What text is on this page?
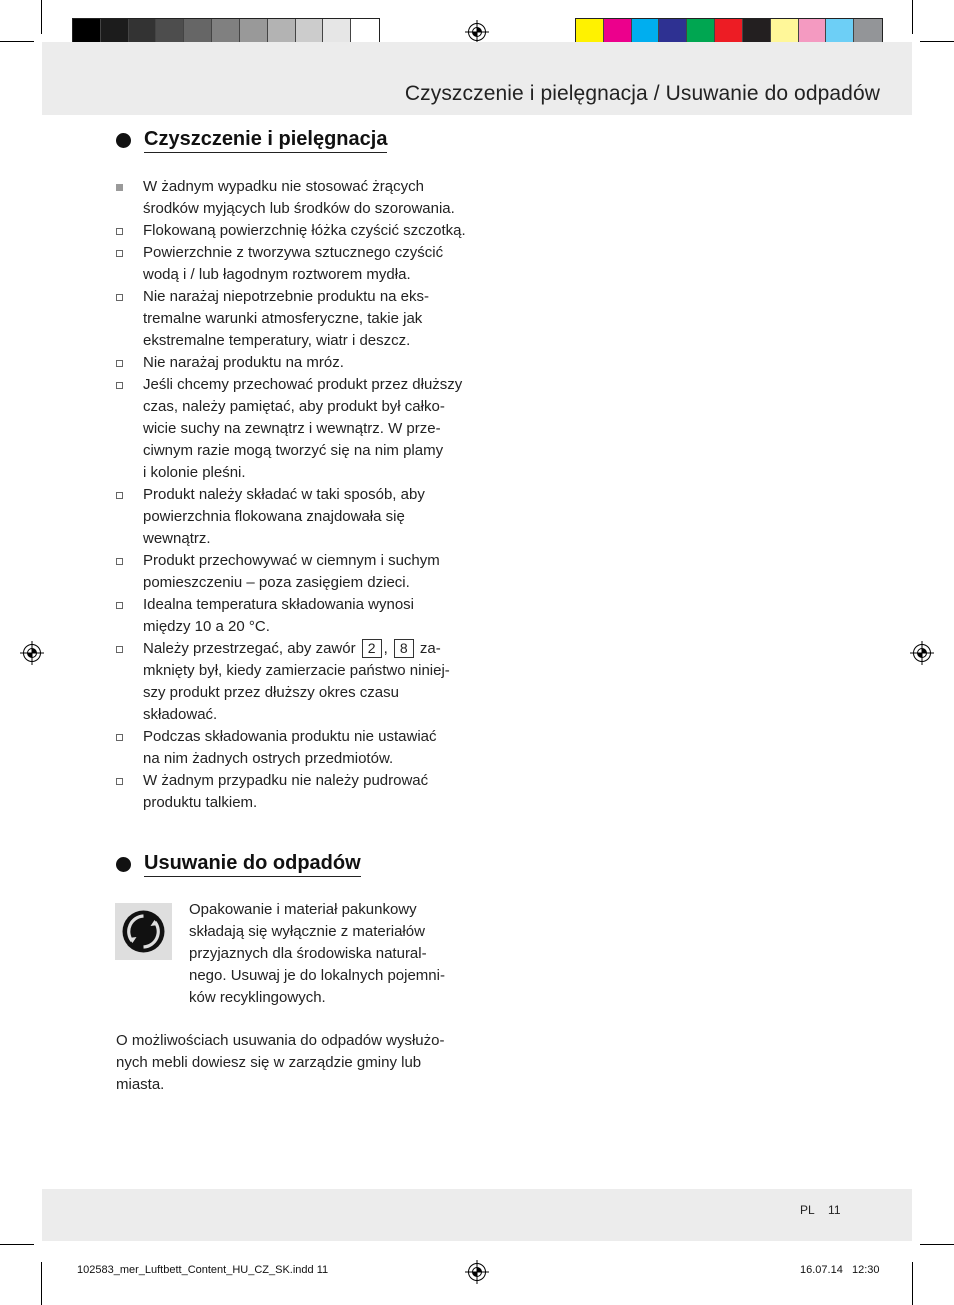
Czyszczenie i pielęgnacja / Usuwanie do odpadów
Czyszczenie i pielęgnacja
W żadnym wypadku nie stosować żrących
środków myjących lub środków do szorowania.
Flokowaną powierzchnię łóżka czyścić szczotką.
Powierzchnie z tworzywa sztucznego czyścić
wodą i / lub łagodnym roztworem mydła.
Nie narażaj niepotrzebnie produktu na eks-
tremalne warunki atmosferyczne, takie jak
ekstremalne temperatury, wiatr i deszcz.
Nie narażaj produktu na mróz.
Jeśli chcemy przechować produkt przez dłuższy
czas, należy pamiętać, aby produkt był całko-
wicie suchy na zewnątrz i wewnątrz. W prze-
ciwnym razie mogą tworzyć się na nim plamy
i kolonie pleśni.
Produkt należy składać w taki sposób, aby
powierzchnia flokowana znajdowała się
wewnątrz.
Produkt przechowywać w ciemnym i suchym
pomieszczeniu – poza zasięgiem dzieci.
Idealna temperatura składowania wynosi
między 10 a 20 °C.
Należy przestrzegać, aby zawór 2 , 8 za-
mknięty był, kiedy zamierzacie państwo niniej-
szy produkt przez dłuższy okres czasu
składować.
Podczas składowania produktu nie ustawiać
na nim żadnych ostrych przedmiotów.
W żadnym przypadku nie należy pudrować
produktu talkiem.
Usuwanie do odpadów
Opakowanie i materiał pakunkowy
składają się wyłącznie z materiałów
przyjaznych dla środowiska natural-
nego. Usuwaj je do lokalnych pojemni-
ków recyklingowych.
O możliwościach usuwania do odpadów wysłużo-
nych mebli dowiesz się w zarządzie gminy lub
miasta.
PL 11
102583_mer_Luftbett_Content_HU_CZ_SK.indd 11	16.07.14 12:30
